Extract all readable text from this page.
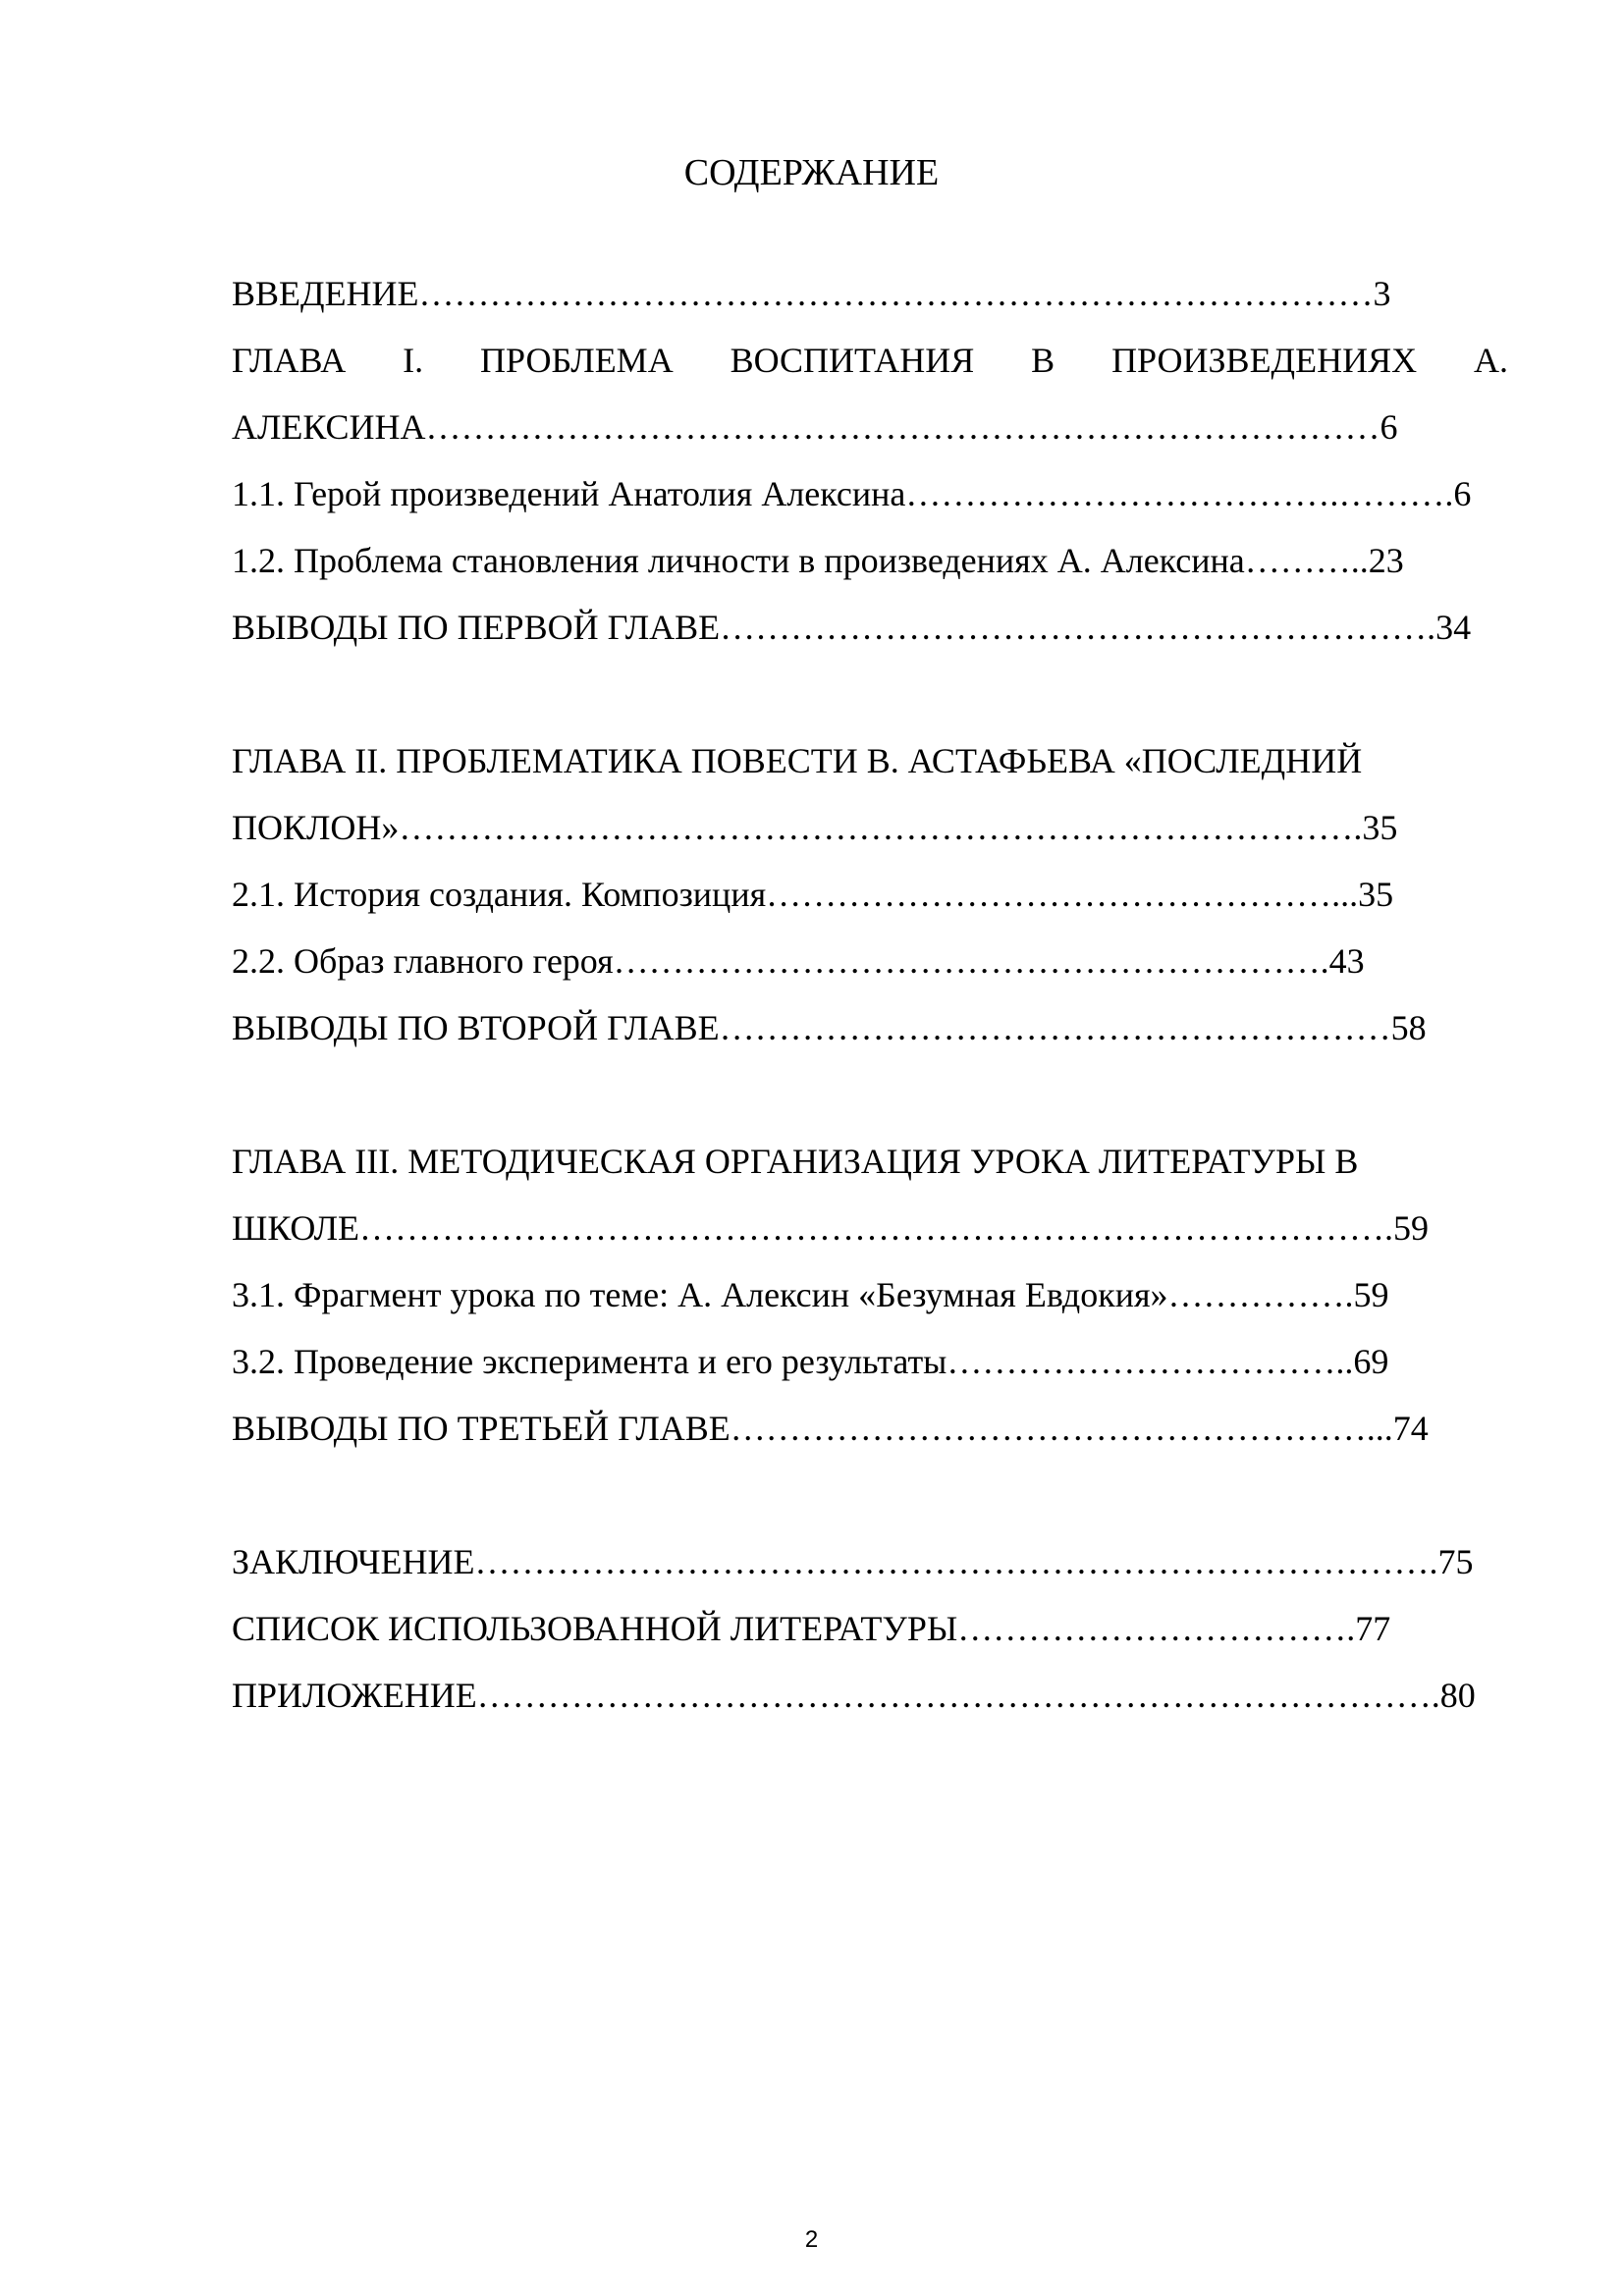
СОДЕРЖАНИЕ
ВВЕДЕНИЕ………………………………………………………………………3
ГЛАВА I. ПРОБЛЕМА ВОСПИТАНИЯ В ПРОИЗВЕДЕНИЯХ А.
АЛЕКСИНА………………………………………………………………………6
1.1. Герой произведений Анатолия Алексина……………………………….……….6
1.2. Проблема становления личности в произведениях А. Алексина………..23
ВЫВОДЫ ПО ПЕРВОЙ ГЛАВЕ…………………………………………………….34
ГЛАВА II. ПРОБЛЕМАТИКА ПОВЕСТИ В. АСТАФЬЕВА «ПОСЛЕДНИЙ
ПОКЛОН»……………………………………………………………………….35
2.1. История создания. Композиция…………………………………………...35
2.2. Образ главного героя…………………………………………………….43
ВЫВОДЫ ПО ВТОРОЙ ГЛАВЕ…………………………………………………58
ГЛАВА III. МЕТОДИЧЕСКАЯ ОРГАНИЗАЦИЯ УРОКА ЛИТЕРАТУРЫ В
ШКОЛЕ…………………………………………………………………………….59
3.1. Фрагмент урока по теме: А. Алексин «Безумная Евдокия»…………….59
3.2. Проведение эксперимента и его результаты……………………………..69
ВЫВОДЫ ПО ТРЕТЬЕЙ ГЛАВЕ………………………………………………...74
ЗАКЛЮЧЕНИЕ……………………………………………………………………….75
СПИСОК ИСПОЛЬЗОВАННОЙ ЛИТЕРАТУРЫ…………………………….77
ПРИЛОЖЕНИЕ……………………………………………………………………….80
2
